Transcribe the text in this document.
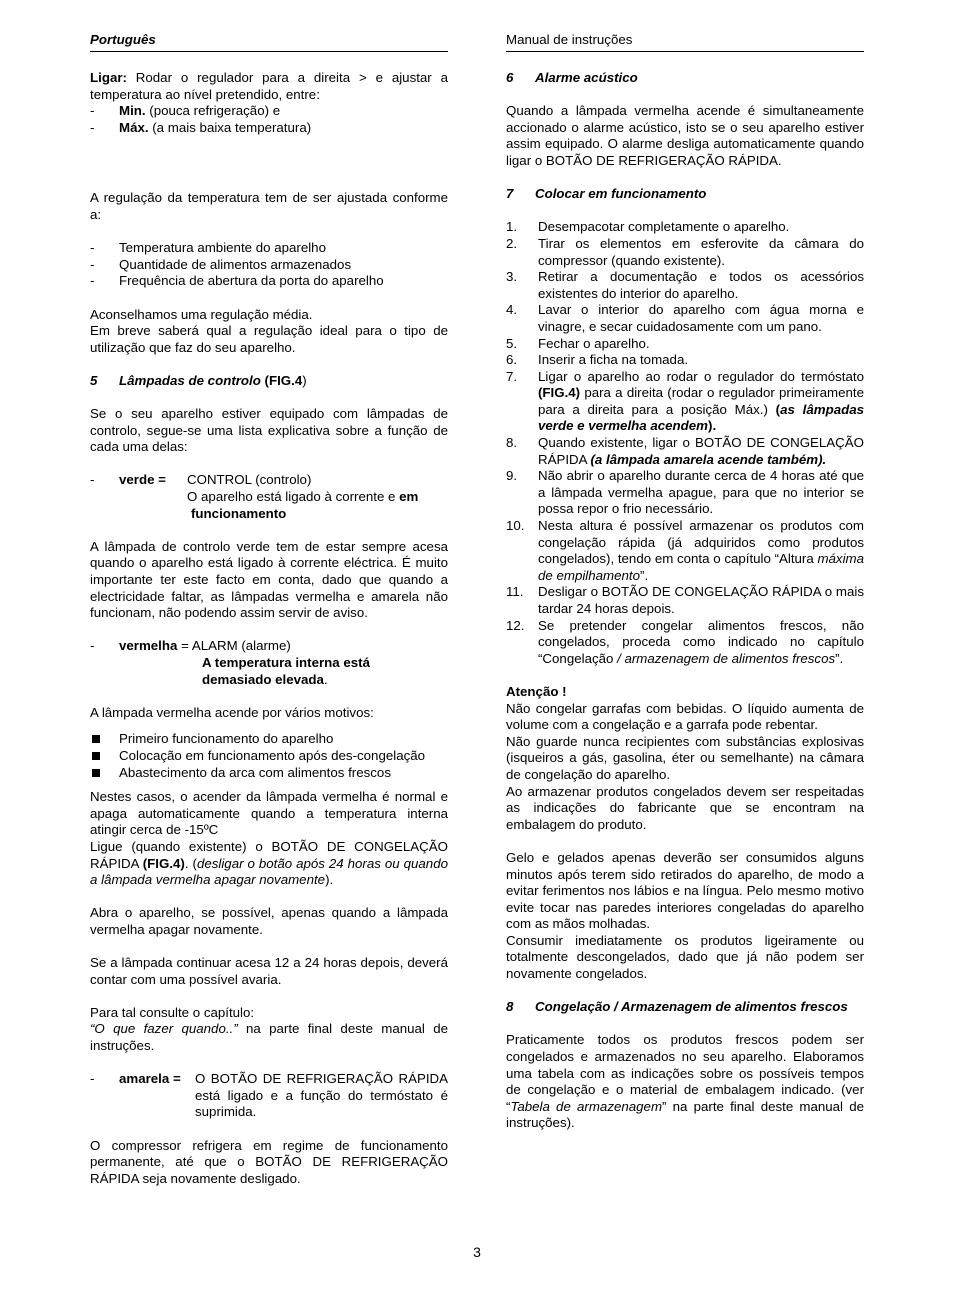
Português

Ligar: Rodar o regulador para a direita > e ajustar a temperatura ao nível pretendido, entre:

- Min. (pouca refrigeração) e
- Máx. (a mais baixa temperatura)

A regulação da temperatura tem de ser ajustada conforme a:

- Temperatura ambiente do aparelho
- Quantidade de alimentos armazenados
- Frequência de abertura da porta do aparelho

Aconselhamos uma regulação média.

Em breve saberá qual a regulação ideal para o tipo de utilização que faz do seu aparelho.

5	Lâmpadas de controlo (FIG.4)

Se o seu aparelho estiver equipado com lâmpadas de controlo, segue-se uma lista explicativa sobre a função de cada uma delas:

-	verde =	CONTROL (controlo)
O aparelho está ligado à corrente e em
funcionamento

A lâmpada de controlo verde tem de estar sempre acesa quando o aparelho está ligado à corrente eléctrica. É muito importante ter este facto em conta, dado que quando a electricidade faltar, as lâmpadas vermelha e amarela não funcionam, não podendo assim servir de aviso.

-	vermelha = ALARM (alarme)
A temperatura interna está
demasiado elevada.

A lâmpada vermelha acende por vários motivos:

Primeiro funcionamento do aparelho
Colocação em funcionamento após des-congelação
Abastecimento da arca com alimentos frescos

Nestes casos, o acender da lâmpada vermelha é normal e apaga automaticamente quando a temperatura interna atingir cerca de -15ºC

Ligue (quando existente) o BOTÃO DE CONGELAÇÃO RÁPIDA (FIG.4). (desligar o botão após 24 horas ou quando a lâmpada vermelha apagar novamente).

Abra o aparelho, se possível, apenas quando a lâmpada vermelha apagar novamente.

Se a lâmpada continuar acesa 12 a 24 horas depois, deverá contar com uma possível avaria.

Para tal consulte o capítulo:

“O que fazer quando..” na parte final deste manual de instruções.

-	amarela =	O BOTÃO DE REFRIGERAÇÃO RÁPIDA está ligado e a função do termóstato é suprimida.

O compressor refrigera em regime de funcionamento permanente, até que o BOTÃO DE REFRIGERAÇÃO RÁPIDA seja novamente desligado.

Manual de instruções
6	Alarme acústico

Quando a lâmpada vermelha acende é simultaneamente accionado o alarme acústico, isto se o seu aparelho estiver assim equipado. O alarme desliga automaticamente quando ligar o BOTÃO DE REFRIGERAÇÃO RÁPIDA.

7	Colocar em funcionamento
1. Desempacotar completamente o aparelho.
2. Tirar os elementos em esferovite da câmara do compressor (quando existente).
3. Retirar a documentação e todos os acessórios existentes do interior do aparelho.
4. Lavar o interior do aparelho com água morna e vinagre, e secar cuidadosamente com um pano.
5. Fechar o aparelho.
6. Inserir a ficha na tomada.
7. Ligar o aparelho ao rodar o regulador do termóstato (FIG.4) para a direita (rodar o regulador primeiramente para a direita para a posição Máx.) (as lâmpadas verde e vermelha acendem).
8. Quando existente, ligar o BOTÃO DE CONGELAÇÃO RÁPIDA (a lâmpada amarela acende também).
9. Não abrir o aparelho durante cerca de 4 horas até que a lâmpada vermelha apague, para que no interior se possa repor o frio necessário.
10. Nesta altura é possível armazenar os produtos com congelação rápida (já adquiridos como produtos congelados), tendo em conta o capítulo “Altura máxima de empilhamento”.
11. Desligar o BOTÃO DE CONGELAÇÃO RÁPIDA o mais tardar 24 horas depois.
12. Se pretender congelar alimentos frescos, não congelados, proceda como indicado no capítulo “Congelação / armazenagem de alimentos frescos”.

Atenção !

Não congelar garrafas com bebidas. O líquido aumenta de volume com a congelação e a garrafa pode rebentar.

Não guarde nunca recipientes com substâncias explosivas (isqueiros a gás, gasolina, éter ou semelhante) na câmara de congelação do aparelho.

Ao armazenar produtos congelados devem ser respeitadas as indicações do fabricante que se encontram na embalagem do produto.

Gelo e gelados apenas deverão ser consumidos alguns minutos após terem sido retirados do aparelho, de modo a evitar ferimentos nos lábios e na língua. Pelo mesmo motivo evite tocar nas paredes interiores congeladas do aparelho com as mãos molhadas.

Consumir imediatamente os produtos ligeiramente ou totalmente descongelados, dado que já não podem ser novamente congelados.

8	Congelação / Armazenagem de alimentos frescos

Praticamente todos os produtos frescos podem ser congelados e armazenados no seu aparelho. Elaboramos uma tabela com as indicações sobre os possíveis tempos de congelação e o material de embalagem indicado. (ver “Tabela de armazenagem” na parte final deste manual de instruções).

3
